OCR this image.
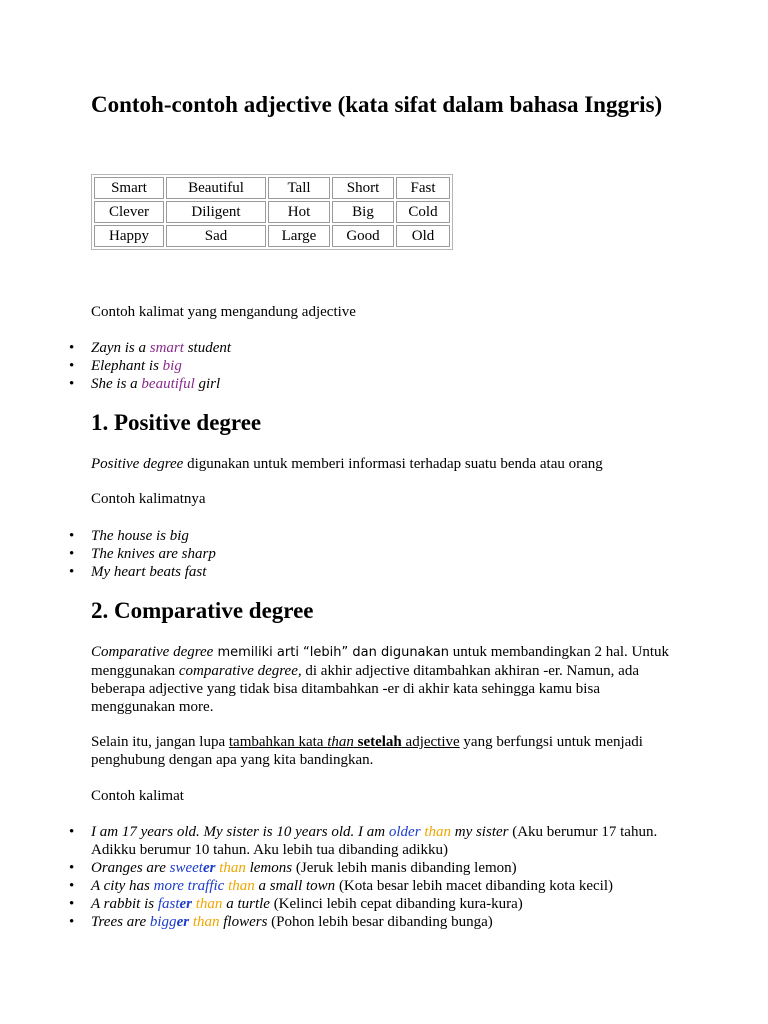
Contoh-contoh adjective (kata sifat dalam bahasa Inggris)
Smart	Beautiful	Tall	Short	Fast
Clever	Diligent	Hot	Big	Cold
Happy	Sad	Large	Good	Old

Contoh kalimat yang mengandung adjective

• Zayn is a smart student
• Elephant is big
• She is a beautiful girl
1. Positive degree

Positive degree digunakan untuk memberi informasi terhadap suatu benda atau orang

Contoh kalimatnya

• The house is big
• The knives are sharp
• My heart beats fast
2. Comparative degree

Comparative degree memiliki arti “lebih” dan digunakan untuk membandingkan 2 hal. Untuk menggunakan comparative degree, di akhir adjective ditambahkan akhiran -er. Namun, ada beberapa adjective yang tidak bisa ditambahkan -er di akhir kata sehingga kamu bisa menggunakan more.

Selain itu, jangan lupa tambahkan kata than setelah adjective yang berfungsi untuk menjadi penghubung dengan apa yang kita bandingkan.

Contoh kalimat

• I am 17 years old. My sister is 10 years old. I am older than my sister (Aku berumur 17 tahun. Adikku berumur 10 tahun. Aku lebih tua dibanding adikku)
• Oranges are sweeter than lemons (Jeruk lebih manis dibanding lemon)
• A city has more traffic than a small town (Kota besar lebih macet dibanding kota kecil)
• A rabbit is faster than a turtle (Kelinci lebih cepat dibanding kura-kura)
• Trees are bigger than flowers (Pohon lebih besar dibanding bunga)
